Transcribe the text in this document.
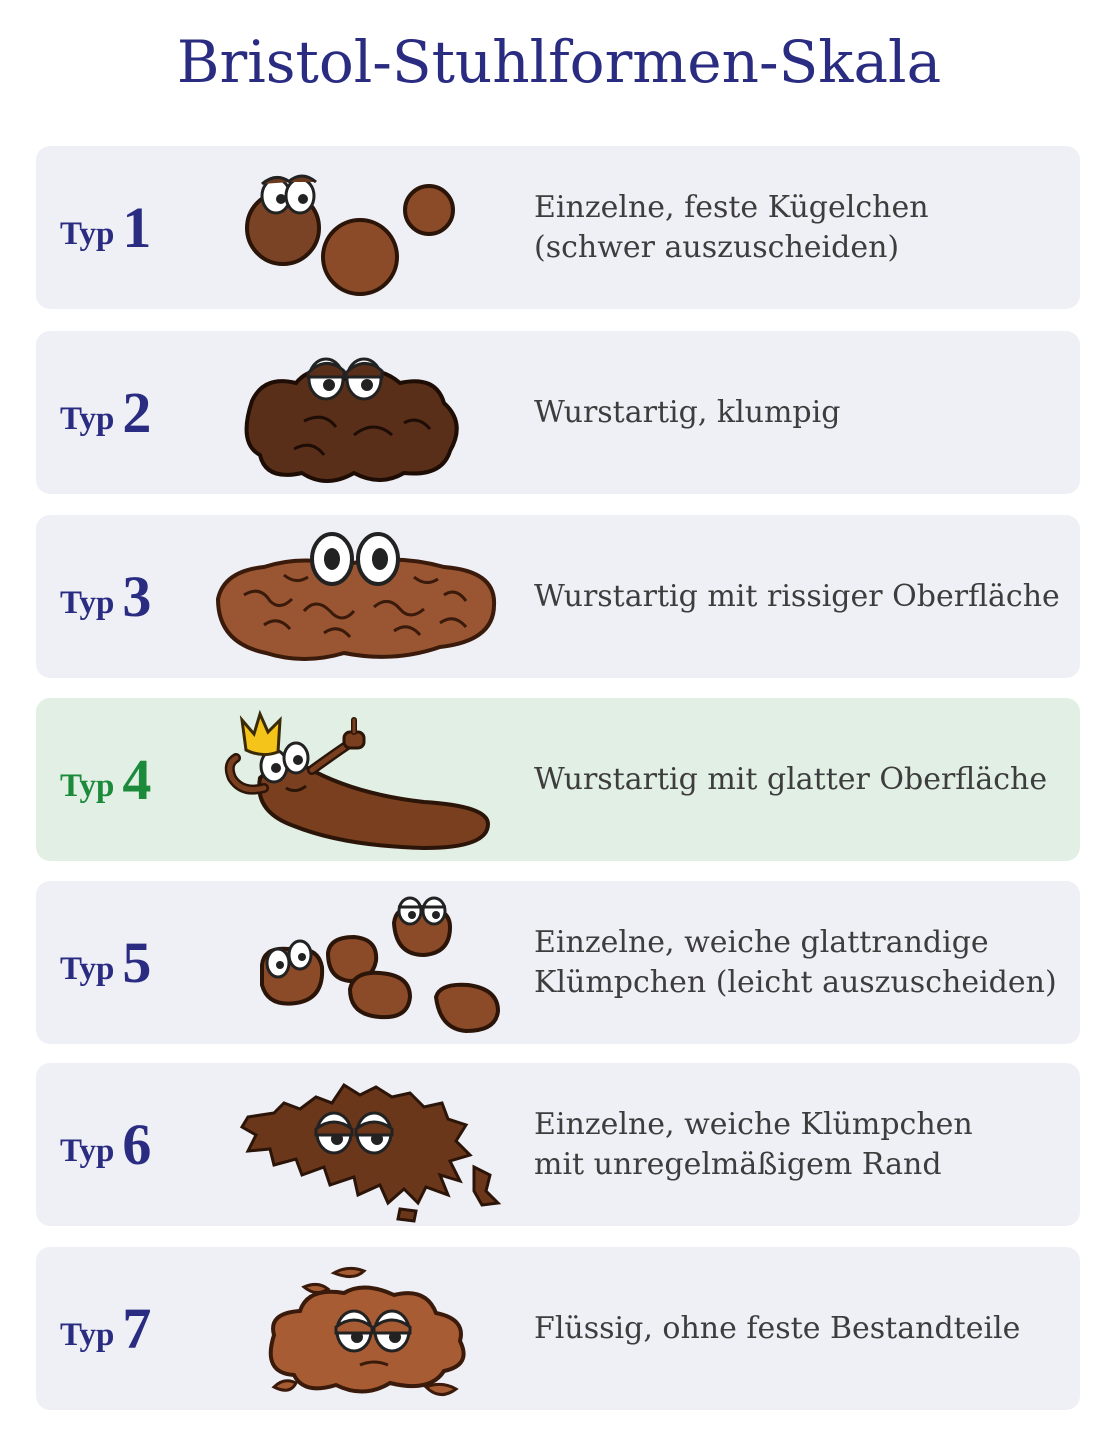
Bristol-Stuhlformen-Skala
Typ 1	Einzelne, feste Kügelchen
(schwer auszuscheiden)
Typ 2	Wurstartig, klumpig
Typ 3	Wurstartig mit rissiger Oberfläche
Typ 4	Wurstartig mit glatter Oberfläche
Typ 5	Einzelne, weiche glattrandige
Klümpchen (leicht auszuscheiden)
Typ 6	Einzelne, weiche Klümpchen
mit unregelmäßigem Rand
Typ 7	Flüssig, ohne feste Bestandteile
